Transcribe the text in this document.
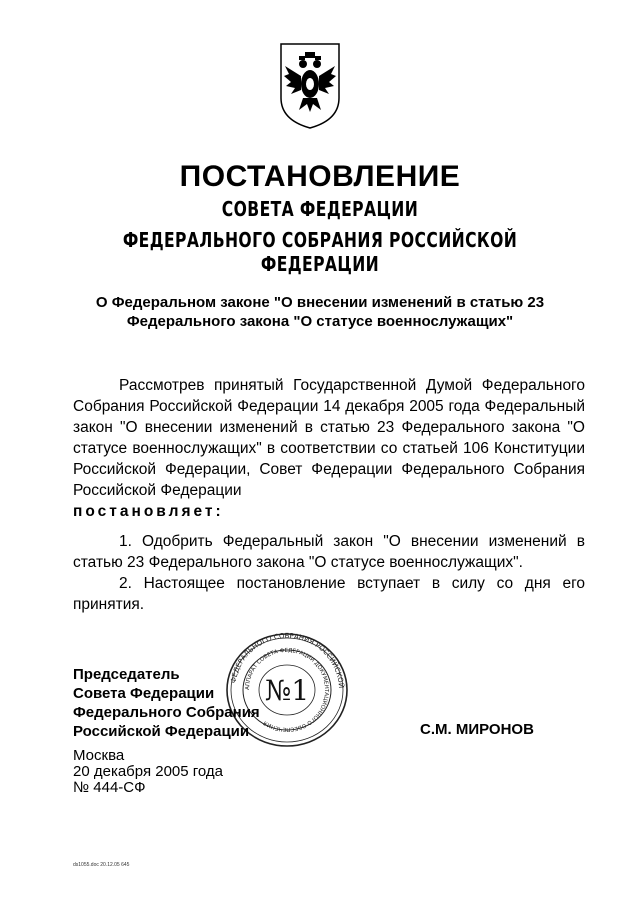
ПОСТАНОВЛЕНИЕ
СОВЕТА ФЕДЕРАЦИИ
ФЕДЕРАЛЬНОГО СОБРАНИЯ РОССИЙСКОЙ ФЕДЕРАЦИИ
О Федеральном законе "О внесении изменений в статью 23
Федерального закона "О статусе военнослужащих"

Рассмотрев принятый Государственной Думой Федерального Собрания Российской Федерации 14 декабря 2005 года Федеральный закон "О внесении изменений в статью 23 Федерального закона "О статусе военнослужащих" в соответствии со статьей 106 Конституции Российской Федерации, Совет Федерации Федерального Собрания Российской Федерации

постановляет:

1. Одобрить Федеральный закон "О внесении изменений в статью 23 Федерального закона "О статусе военнослужащих".

2. Настоящее постановление вступает в силу со дня его принятия.

ФЕДЕРАЛЬНОГО СОБРАНИЯ РОССИЙСКОЙ
АППАРАТ СОВЕТА ФЕДЕРАЦИИ ДОКУМЕНТАЦИОННОГО ОБЕСПЕЧЕНИЯ
№1
Председатель
Совета Федерации
Федерального Собрания
Российской Федерации	С.М. МИРОНОВ
Москва
20 декабря 2005 года
№ 444-СФ
ds1055.doc 20.12.05 645
